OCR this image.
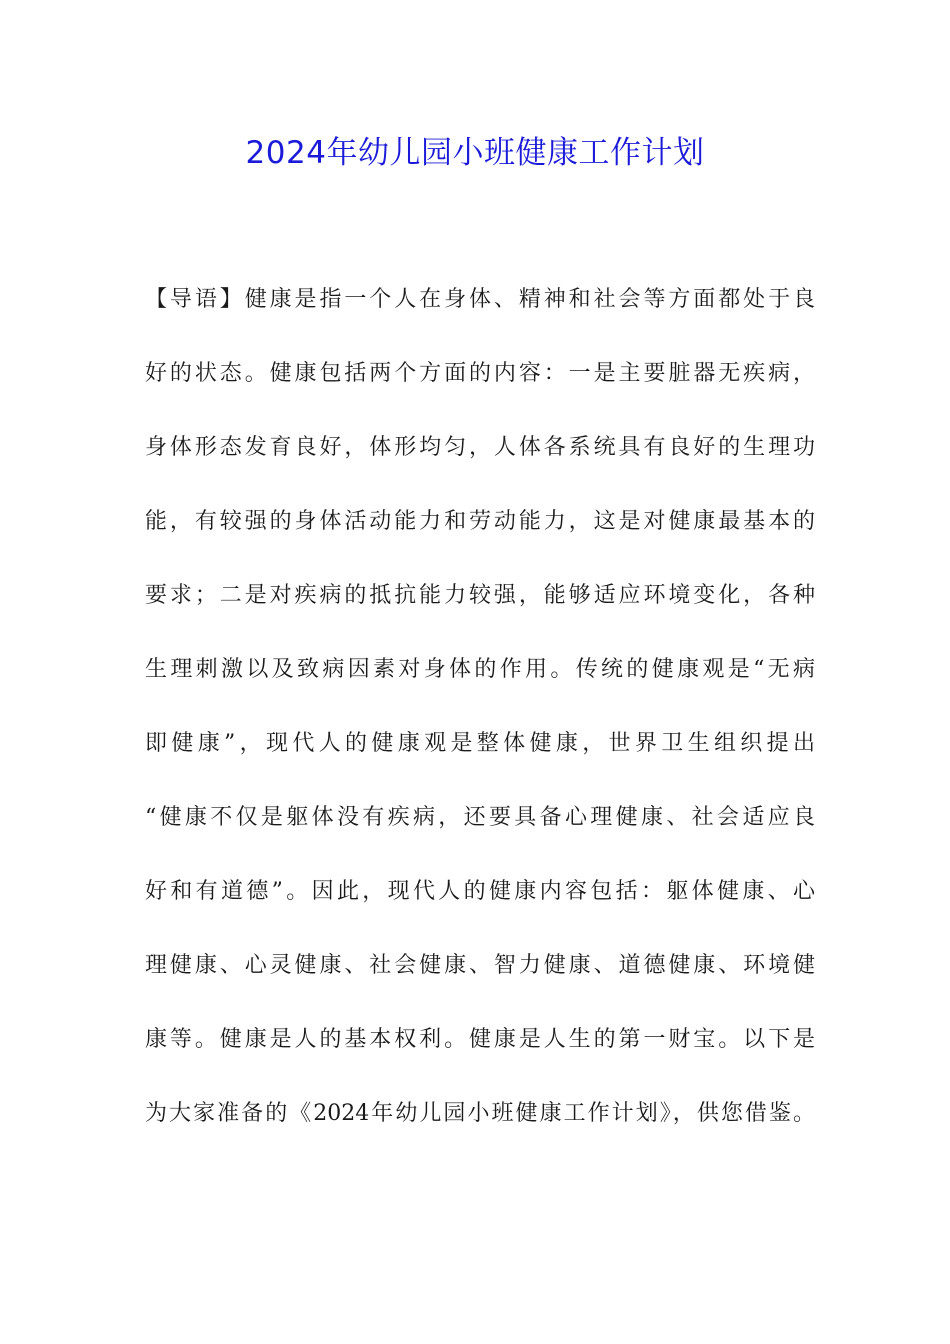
2024年幼儿园小班健康工作计划
【导语】健康是指一个人在身体、精神和社会等方面都处于良
好的状态。健康包括两个方面的内容：一是主要脏器无疾病，
身体形态发育良好，体形均匀，人体各系统具有良好的生理功
能，有较强的身体活动能力和劳动能力，这是对健康最基本的
要求；二是对疾病的抵抗能力较强，能够适应环境变化，各种
生理刺激以及致病因素对身体的作用。传统的健康观是“无病
即健康”，现代人的健康观是整体健康，世界卫生组织提出
“健康不仅是躯体没有疾病，还要具备心理健康、社会适应良
好和有道德”。因此，现代人的健康内容包括：躯体健康、心
理健康、心灵健康、社会健康、智力健康、道德健康、环境健
康等。健康是人的基本权利。健康是人生的第一财宝。以下是
为大家准备的《2024年幼儿园小班健康工作计划》，供您借鉴。
